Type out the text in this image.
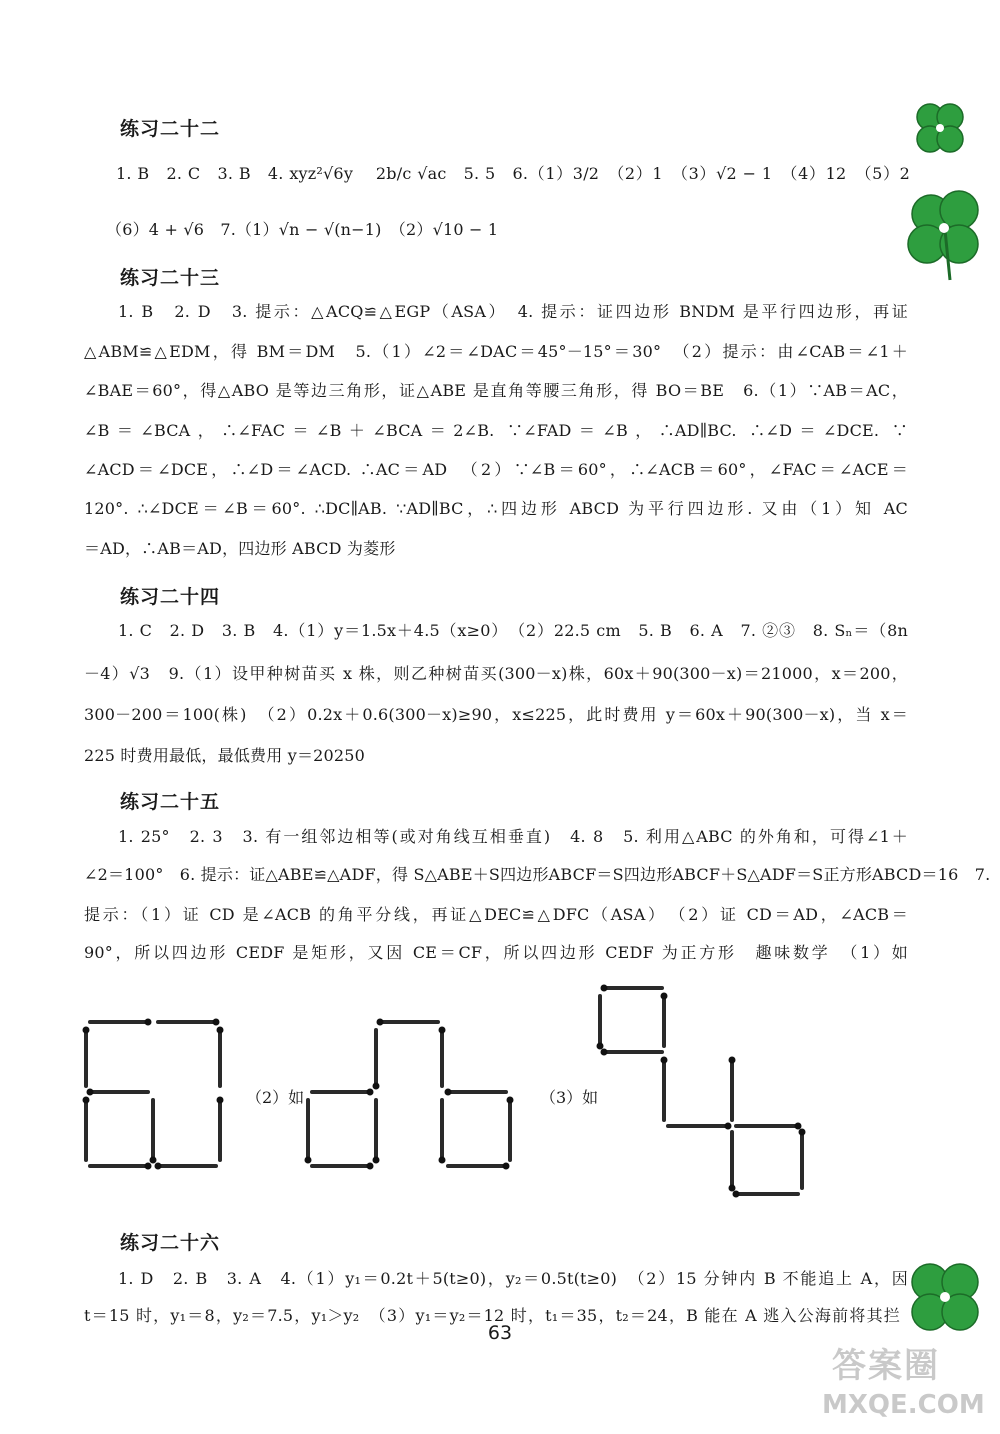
练习二十二
1. B　2. C　3. B　4. xyz²√6y　 2b/c √ac　5. 5　6.（1）3/2　（2）1　（3）√2 − 1　（4）12　（5）2
（6）4 + √6　7.（1）√n − √(n−1)　（2）√10 − 1
练习二十三
1. B　2. D　3. 提示：△ACQ≌△EGP（ASA）　4. 提示：证四边形 BNDM 是平行四边形，再证
△ABM≌△EDM，得 BM＝DM　5.（1）∠2＝∠DAC＝45°－15°＝30°　（2）提示：由∠CAB＝∠1＋
∠BAE＝60°，得△ABO 是等边三角形，证△ABE 是直角等腰三角形，得 BO＝BE　6.（1）∵AB＝AC，
∠B＝∠BCA，∴∠FAC＝∠B＋∠BCA＝2∠B. ∵∠FAD＝∠B，∴AD∥BC. ∴∠D＝∠DCE. ∵
∠ACD＝∠DCE，∴∠D＝∠ACD. ∴AC＝AD　（2）∵∠B＝60°，∴∠ACB＝60°，∠FAC＝∠ACE＝
120°. ∴∠DCE＝∠B＝60°. ∴DC∥AB. ∵AD∥BC，∴四边形 ABCD 为平行四边形. 又由（1）知 AC
＝AD，∴AB＝AD，四边形 ABCD 为菱形
练习二十四
1. C　2. D　3. B　4.（1）y＝1.5x＋4.5（x≥0）　（2）22.5 cm　5. B　6. A　7. ②③　8. Sₙ＝（8n
－4）√3　9.（1）设甲种树苗买 x 株，则乙种树苗买(300－x)株，60x＋90(300－x)＝21000，x＝200，
300－200＝100(株)　（2）0.2x＋0.6(300－x)≥90，x≤225，此时费用 y＝60x＋90(300－x)，当 x＝
225 时费用最低，最低费用 y＝20250
练习二十五
1. 25°　2. 3　3. 有一组邻边相等(或对角线互相垂直)　4. 8　5. 利用△ABC 的外角和，可得∠1＋
∠2＝100°　6. 提示：证△ABE≌△ADF，得 S△ABE＋S四边形ABCF＝S四边形ABCF＋S△ADF＝S正方形ABCD＝16　7.
提示：（1）证 CD 是∠ACB 的角平分线，再证△DEC≌△DFC（ASA）　（2）证 CD＝AD，∠ACB＝
90°，所以四边形 CEDF 是矩形，又因 CE＝CF，所以四边形 CEDF 为正方形　趣味数学　（1）如
（2）如	（3）如
练习二十六
1. D　2. B　3. A　4.（1）y₁＝0.2t＋5(t≥0)，y₂＝0.5t(t≥0)　（2）15 分钟内 B 不能追上 A，因
t＝15 时，y₁＝8，y₂＝7.5，y₁＞y₂　（3）y₁＝y₂＝12 时，t₁＝35，t₂＝24，B 能在 A 逃入公海前将其拦
63
答案圈
MXQE.COM
